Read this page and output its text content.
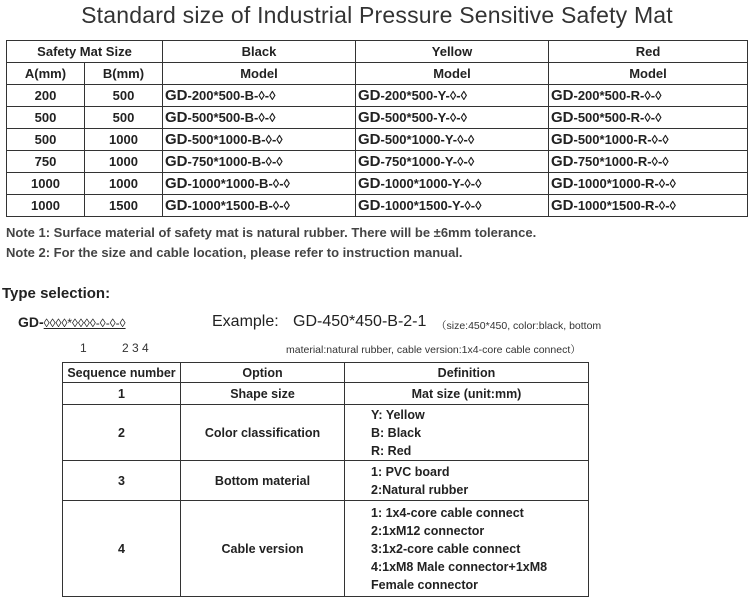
Standard size of Industrial Pressure Sensitive Safety Mat
Safety Mat Size		Black	Yellow	Red
A(mm)	B(mm)	Model	Model	Model
200	500	GD-200*500-B-◊-◊	GD-200*500-Y-◊-◊	GD-200*500-R-◊-◊
500	500	GD-500*500-B-◊-◊	GD-500*500-Y-◊-◊	GD-500*500-R-◊-◊
500	1000	GD-500*1000-B-◊-◊	GD-500*1000-Y-◊-◊	GD-500*1000-R-◊-◊
750	1000	GD-750*1000-B-◊-◊	GD-750*1000-Y-◊-◊	GD-750*1000-R-◊-◊
1000	1000	GD-1000*1000-B-◊-◊	GD-1000*1000-Y-◊-◊	GD-1000*1000-R-◊-◊
1000	1500	GD-1000*1500-B-◊-◊	GD-1000*1500-Y-◊-◊	GD-1000*1500-R-◊-◊
Note 1: Surface material of safety mat is natural rubber. There will be ±6mm tolerance.
Note 2: For the size and cable location, please refer to instruction manual.
Type selection:
GD-◊◊◊◊*◊◊◊◊-◊-◊-◊
1	2 3 4
Example: GD-450*450-B-2-1 （size:450*450, color:black, bottom
material:natural rubber, cable version:1x4-core cable connect）
Sequence number	Option	Definition
1	Shape size	Mat size (unit:mm)

2	Color classification	Y: Yellow
B: Black
R: Red

3	Bottom material	1: PVC board
2:Natural rubber

4	Cable version	1: 1x4-core cable connect
2:1xM12 connector
3:1x2-core cable connect
4:1xM8 Male connector+1xM8
Female connector
